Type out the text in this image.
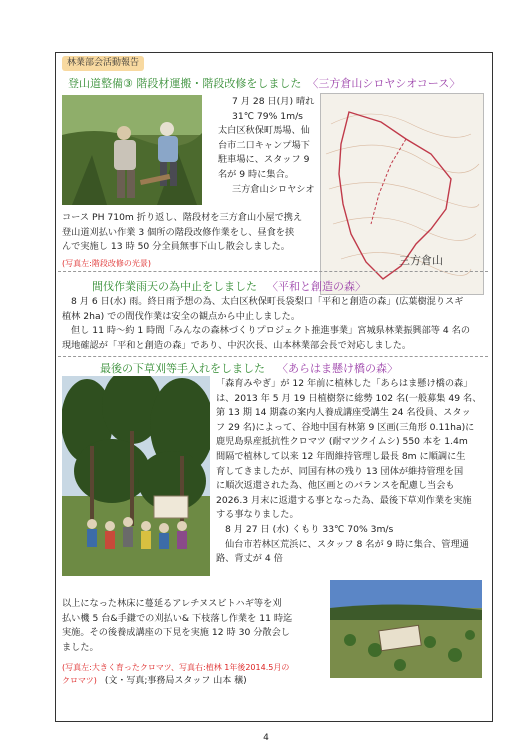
林業部会活動報告
登山道整備③ 階段材運搬・階段改修をしました 〈三方倉山シロヤシオコース〉

7 月 28 日(月) 晴れ

31℃ 79% 1m/s

太白区秋保町馬場、仙

台市二口キャンプ場下

駐車場に、スタッフ 9

名が 9 時に集合。

三方倉山シロヤシオ

三方倉山

コース PH 710m 折り返し、階段材を三方倉山小屋で携え

登山道刈払い作業 3 個所の階段改修作業をし、昼食を挟

んで実施し 13 時 50 分全員無事下山し散会しました。

(写真左:階段改修の光景)

間伐作業雨天の為中止をしました 〈平和と創造の森〉

8 月 6 日(水) 雨。終日雨予想の為、太白区秋保町長袋梨口「平和と創造の森」(広葉樹混りスギ

植林 2ha) での間伐作業は安全の観点から中止しました。

但し 11 時～約 1 時間「みんなの森林づくりプロジェクト推進事業」宮城県林業振興部等 4 名の

現地確認が「平和と創造の森」であり、中沢次長、山本林業部会長で対応しました。

最後の下草刈等手入れをしました 〈あらはま懸け橋の森〉

「森育みやぎ」が 12 年前に植林した「あらはま懸け橋の森」

は、2013 年 5 月 19 日植樹祭に総勢 102 名(一般募集 49 名、

第 13 期 14 期森の案内人養成講座受講生 24 名役員、スタッ

フ 29 名)によって、谷地中国有林第 9 区画(三角形 0.11ha)に

鹿児島県産抵抗性クロマツ (耐マツクイムシ) 550 本を 1.4m

間隔で植林して以来 12 年間維持管理し最長 8m に順調に生

育してきましたが、同国有林の残り 13 団体が維持管理を国

に順次返還された為、他区画とのバランスを配慮し当会も

2026.3 月末に返還する事となった為、最後下草刈作業を実施

する事なりました。

8 月 27 日 (水) くもり 33℃ 70% 3m/s

仙台市若林区荒浜に、スタッフ 8 名が 9 時に集合、管理通

路、背丈が 4 倍

以上になった林床に蔓延るアレチヌスビトハギ等を刈

払い機 5 台&手鎌での刈払い& 下枝落し作業を 11 時迄

実施。その後養成講座の下見を実施 12 時 30 分散会し

ました。

(写真左:大きく育ったクロマツ、写真右:植林 1年後2014.5月の

クロマツ) (文・写真;事務局スタッフ 山本 穣)

4
